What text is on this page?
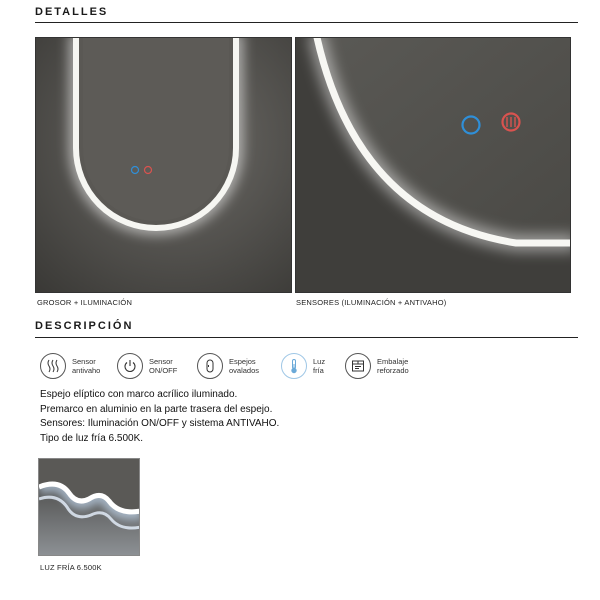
DETALLES
GROSOR + ILUMINACIÓN	SENSORES (ILUMINACIÓN + ANTIVAHO)
DESCRIPCIÓN
Sensor
antivaho
Sensor
ON/OFF
Espejos
ovalados
Luz
fría
Embalaje
reforzado
Espejo elíptico con marco acrílico iluminado.
Premarco en aluminio en la parte trasera del espejo.
Sensores: Iluminación ON/OFF y sistema ANTIVAHO.
Tipo de luz fría 6.500K.
LUZ FRÍA 6.500K
